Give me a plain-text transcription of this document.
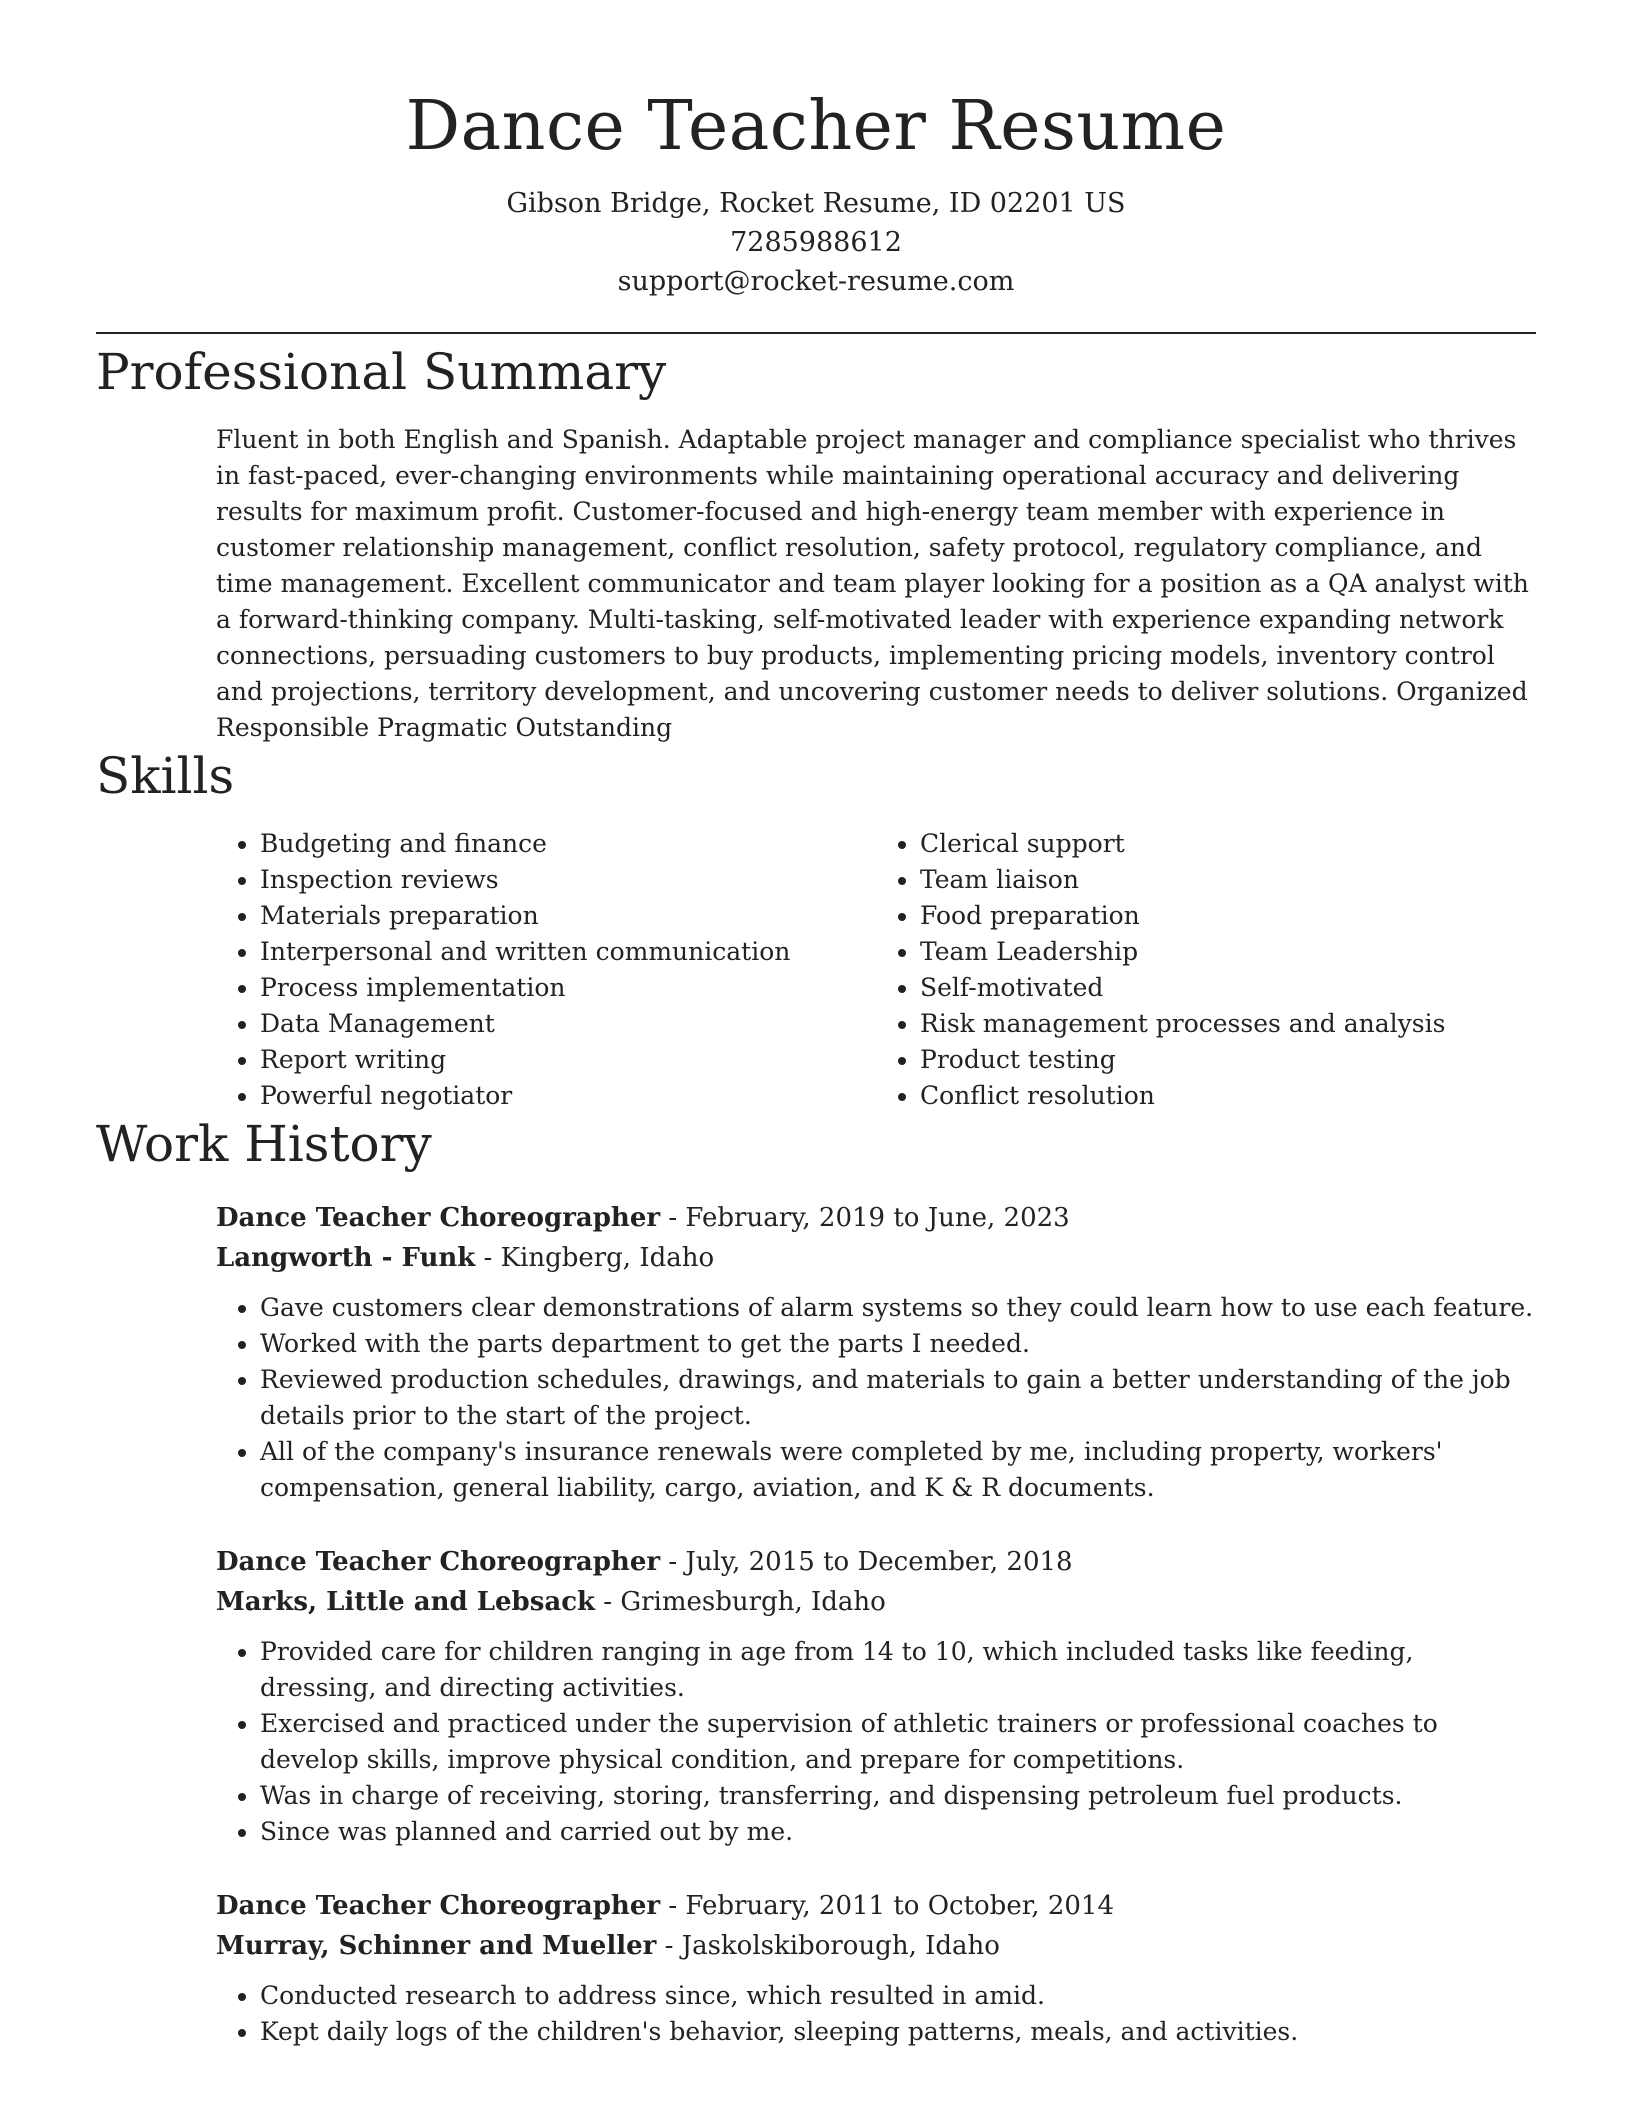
Dance Teacher Resume
Gibson Bridge, Rocket Resume, ID 02201 US
7285988612
support@rocket-resume.com
Professional Summary
Fluent in both English and Spanish. Adaptable project manager and compliance specialist who thrives in fast-paced, ever-changing environments while maintaining operational accuracy and delivering results for maximum profit. Customer-focused and high-energy team member with experience in customer relationship management, conflict resolution, safety protocol, regulatory compliance, and time management. Excellent communicator and team player looking for a position as a QA analyst with a forward-thinking company. Multi-tasking, self-motivated leader with experience expanding network connections, persuading customers to buy products, implementing pricing models, inventory control and projections, territory development, and uncovering customer needs to deliver solutions. Organized Responsible Pragmatic Outstanding
Skills
• Budgeting and finance
• Inspection reviews
• Materials preparation
• Interpersonal and written communication
• Process implementation
• Data Management
• Report writing
• Powerful negotiator
• Clerical support
• Team liaison
• Food preparation
• Team Leadership
• Self-motivated
• Risk management processes and analysis
• Product testing
• Conflict resolution
Work History
Dance Teacher Choreographer - February, 2019 to June, 2023
Langworth - Funk - Kingberg, Idaho
• Gave customers clear demonstrations of alarm systems so they could learn how to use each feature.
• Worked with the parts department to get the parts I needed.
• Reviewed production schedules, drawings, and materials to gain a better understanding of the job details prior to the start of the project.
• All of the company's insurance renewals were completed by me, including property, workers' compensation, general liability, cargo, aviation, and K & R documents.
Dance Teacher Choreographer - July, 2015 to December, 2018
Marks, Little and Lebsack - Grimesburgh, Idaho
• Provided care for children ranging in age from 14 to 10, which included tasks like feeding, dressing, and directing activities.
• Exercised and practiced under the supervision of athletic trainers or professional coaches to develop skills, improve physical condition, and prepare for competitions.
• Was in charge of receiving, storing, transferring, and dispensing petroleum fuel products.
• Since was planned and carried out by me.
Dance Teacher Choreographer - February, 2011 to October, 2014
Murray, Schinner and Mueller - Jaskolskiborough, Idaho
• Conducted research to address since, which resulted in amid.
• Kept daily logs of the children's behavior, sleeping patterns, meals, and activities.
